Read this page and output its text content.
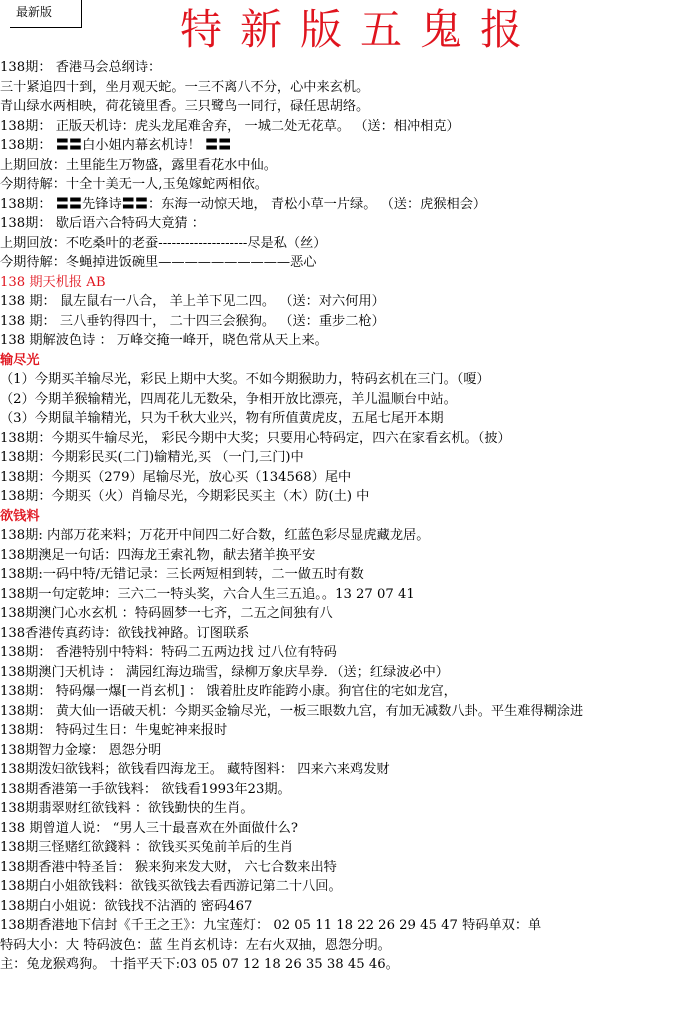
最新版	特新版五鬼报
138期： 香港马会总纲诗：
三十紧追四十到，坐月观天蛇。一三不离八不分，心中来玄机。
青山绿水两相映，荷花镜里香。三只鹭鸟一同行，碌任思胡络。
138期： 正版天机诗：虎头龙尾难舍弃， 一城二处无花草。 （送：相冲相克）
138期： 〓〓白小姐内幕玄机诗！ 〓〓
上期回放：土里能生万物盛，露里看花水中仙。
今期待解：十全十美无一人,玉兔嫁蛇两相依。
138期： 〓〓先锋诗〓〓：东海一动惊天地， 青松小草一片绿。 （送：虎猴相会）
138期： 歇后语六合特码大竟猜 ：
上期回放：不吃桑叶的老蚕--------------------尽是私（丝）
今期待解：冬蝇掉进饭碗里——————————恶心
138 期天机报 AB
138 期： 鼠左鼠右一八合， 羊上羊下见二四。 （送：对六何用）
138 期： 三八垂钓得四十， 二十四三会猴狗。 （送：重步二枪）
138 期解波色诗 ： 万峰交掩一峰开，晓色常从天上来。
输尽光
（1）今期买羊输尽光，彩民上期中大奖。不如今期猴助力，特码玄机在三门。（嗄）
（2）今期羊猴输精光，四周花儿无数朵，争相开放比漂亮，羊儿温顺台中站。
（3）今期鼠羊输精光，只为千秋大业兴，物有所值黄虎皮，五尾七尾开本期
138期：今期买牛输尽光， 彩民今期中大奖；只要用心特码定，四六在家看玄机。（披）
138期：今期彩民买(二门)输精光,买 （一门,三门)中
138期：今期买（279）尾输尽光，放心买（134568）尾中
138期：今期买（火）肖输尽光，今期彩民买主（木）防(土) 中
欲钱料
138期: 内部万花来料；万花开中间四二好合数，红蓝色彩尽显虎藏龙居。
138期澳足一句话：四海龙王索礼物，献去猪羊换平安
138期:一码中特/无错记录：三长两短相到转，二一做五时有数
138期一句定乾坤：三六二一特头奖，六合人生三五追。。13 27 07 41
138期澳门心水玄机 ：特码圆梦一七齐，二五之间独有八
138香港传真药诗：欲钱找神路。订图联系
138期： 香港特别中特料：特码二五两边找 过八位有特码
138期澳门天机诗 ： 满园红海边瑞雪，绿柳万象庆旱券．（送；红绿波必中）
138期： 特码爆一爆[一肖玄机] ： 饿着肚皮昨能跨小康。狗官住的宅如龙宫，
138期： 黄大仙一语破天机：今期买金输尽光，一板三眼数九宫，有加无减数八卦。平生难得糊涂进
138期： 特码过生日：牛鬼蛇神来报时
138期智力金壕： 恩怨分明
138期泼妇欲钱料；欲钱看四海龙王。 藏特图料： 四来六来鸡发财
138期香港第一手欲钱料： 欲钱看1993年23期。
138期翡翠财红欲钱料 ：欲钱勤快的生肖。
138 期曾道人说： “男人三十最喜欢在外面做什么?
138期三怪赌红欲錢料 ：欲钱买买兔前羊后的生肖
138期香港中特圣旨： 猴来狗来发大财， 六七合数来出特
138期白小姐欲钱料：欲钱买欲钱去看西游记第二十八回。
138期白小姐说：欲钱找不沾酒的 密码467
138期香港地下信封《千王之王》：九宝莲灯： 02 05 11 18 22 26 29 45 47 特码单双：单
特码大小：大 特码波色：蓝 生肖玄机诗：左右火双抽，恩怨分明。
主：兔龙猴鸡狗。 十指平天下:03 05 07 12 18 26 35 38 45 46。
